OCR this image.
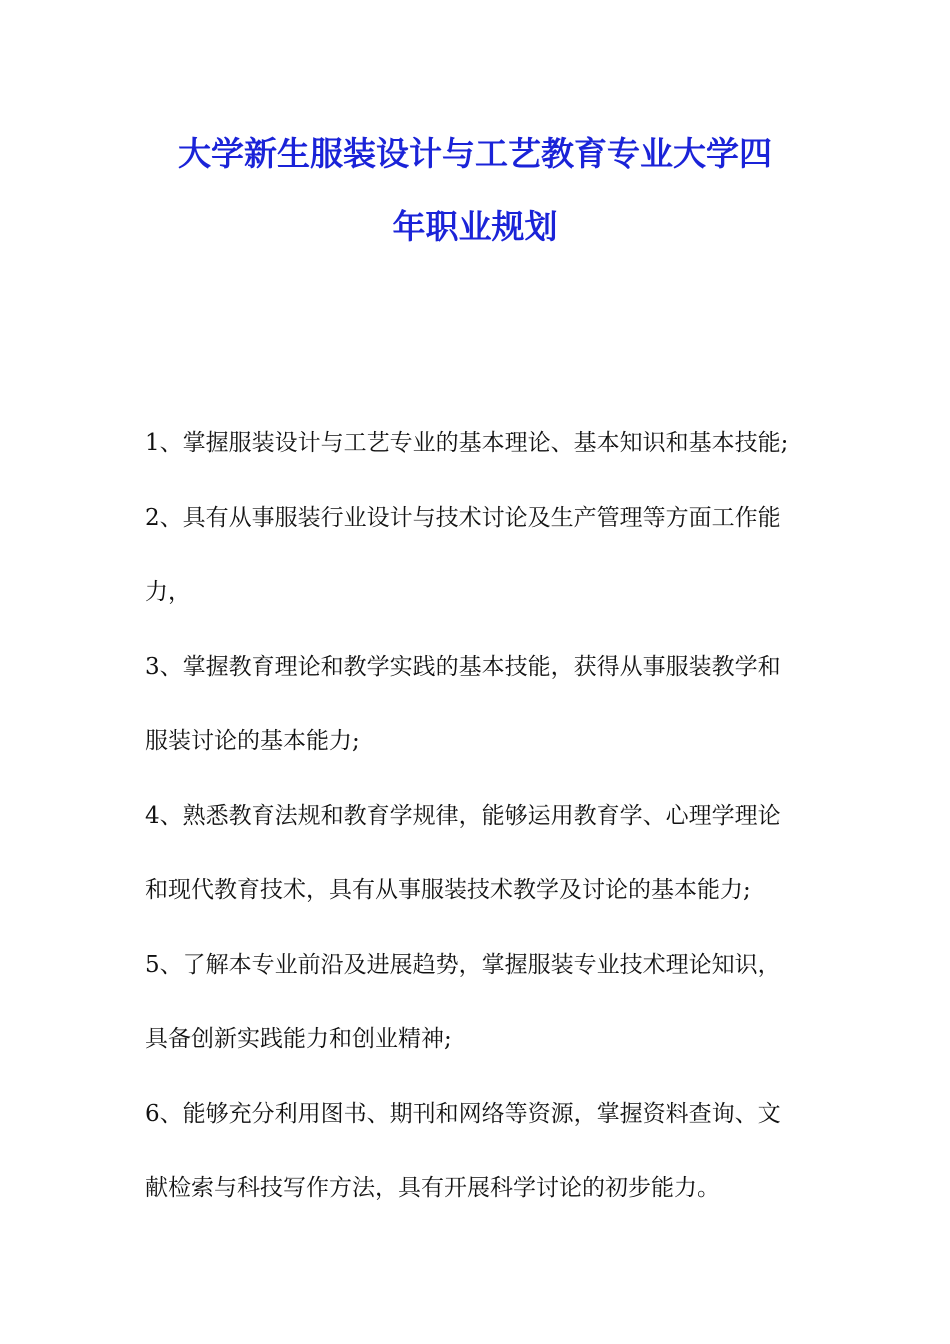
大学新生服装设计与工艺教育专业大学四
年职业规划
1、掌握服装设计与工艺专业的基本理论、基本知识和基本技能;
2、具有从事服装行业设计与技术讨论及生产管理等方面工作能
力，
3、掌握教育理论和教学实践的基本技能，获得从事服装教学和
服装讨论的基本能力;
4、熟悉教育法规和教育学规律，能够运用教育学、心理学理论
和现代教育技术，具有从事服装技术教学及讨论的基本能力;
5、了解本专业前沿及进展趋势，掌握服装专业技术理论知识，
具备创新实践能力和创业精神;
6、能够充分利用图书、期刊和网络等资源，掌握资料查询、文
献检索与科技写作方法，具有开展科学讨论的初步能力。
